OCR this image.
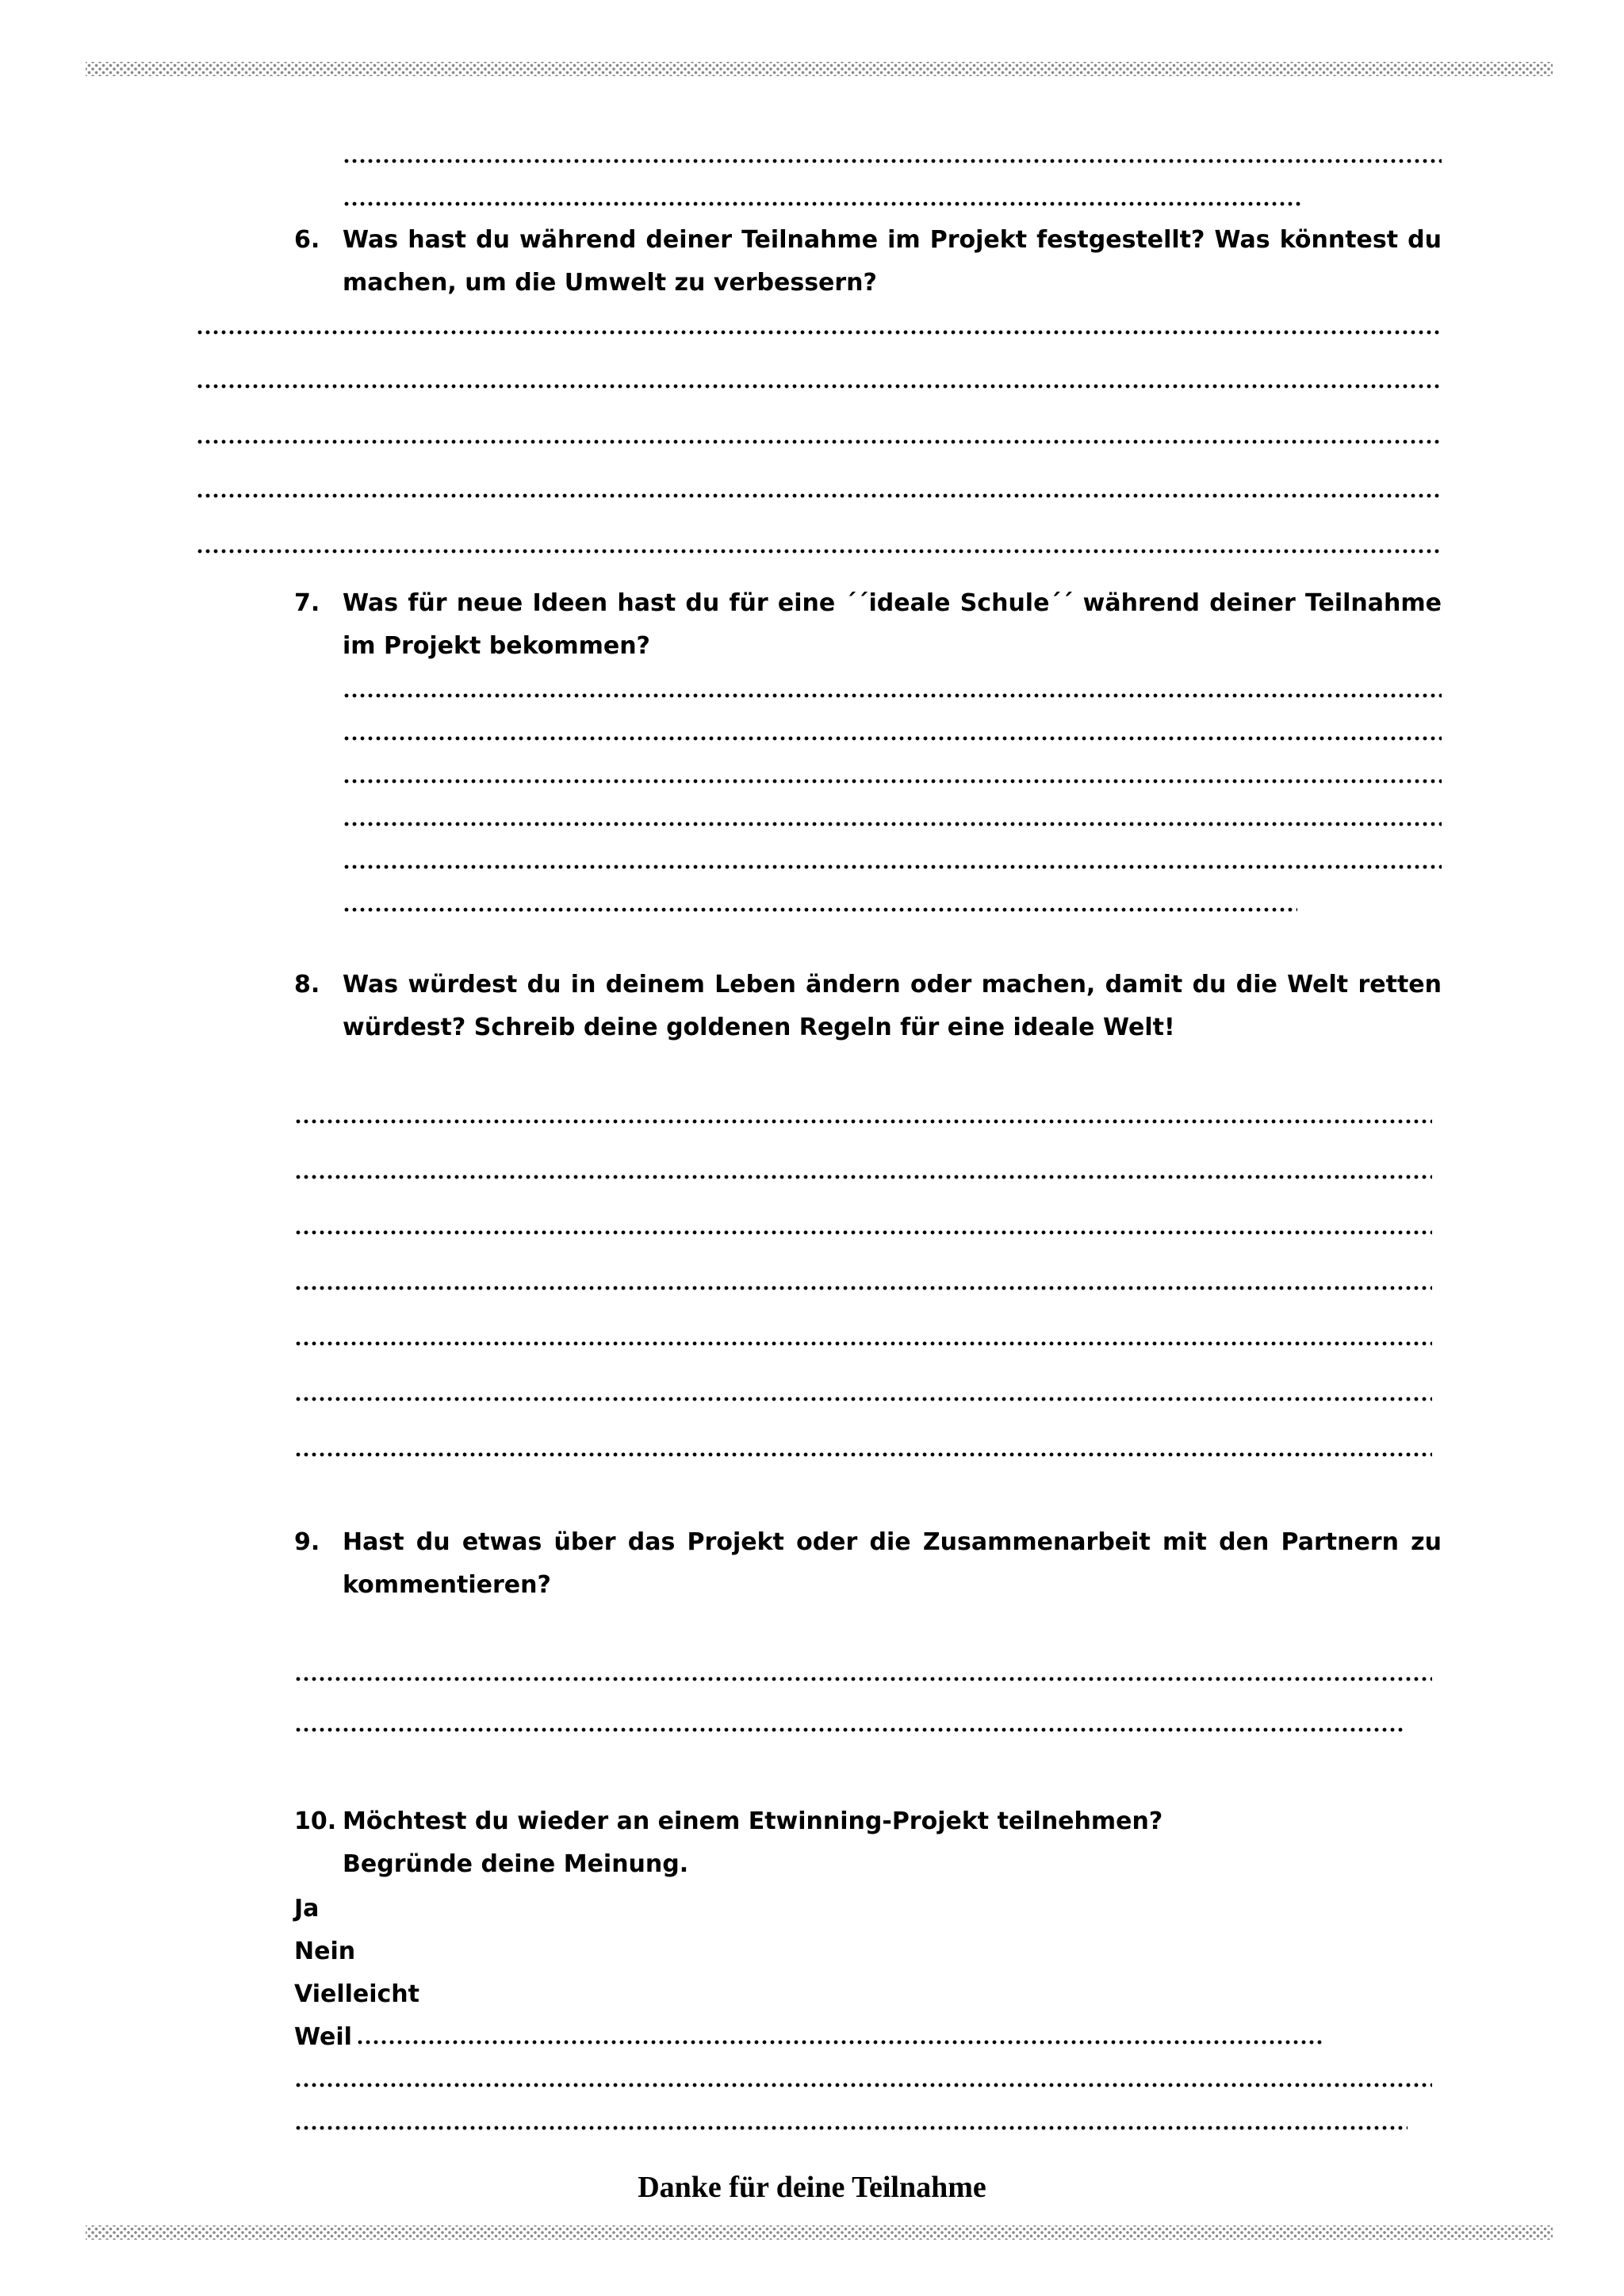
6. Was hast du während deiner Teilnahme im Projekt festgestellt? Was könntest du machen, um die Umwelt zu verbessern?
7. Was für neue Ideen hast du für eine ´´ideale Schule´´ während deiner Teilnahme im Projekt bekommen?
8. Was würdest du in deinem Leben ändern oder machen, damit du die Welt retten würdest? Schreib deine goldenen Regeln für eine ideale Welt!
9. Hast du etwas über das Projekt oder die Zusammenarbeit mit den Partnern zu kommentieren?
10. Möchtest du wieder an einem Etwinning-Projekt teilnehmen?
Begründe deine Meinung.
Ja
Nein
Vielleicht
Weil
Danke für deine Teilnahme
